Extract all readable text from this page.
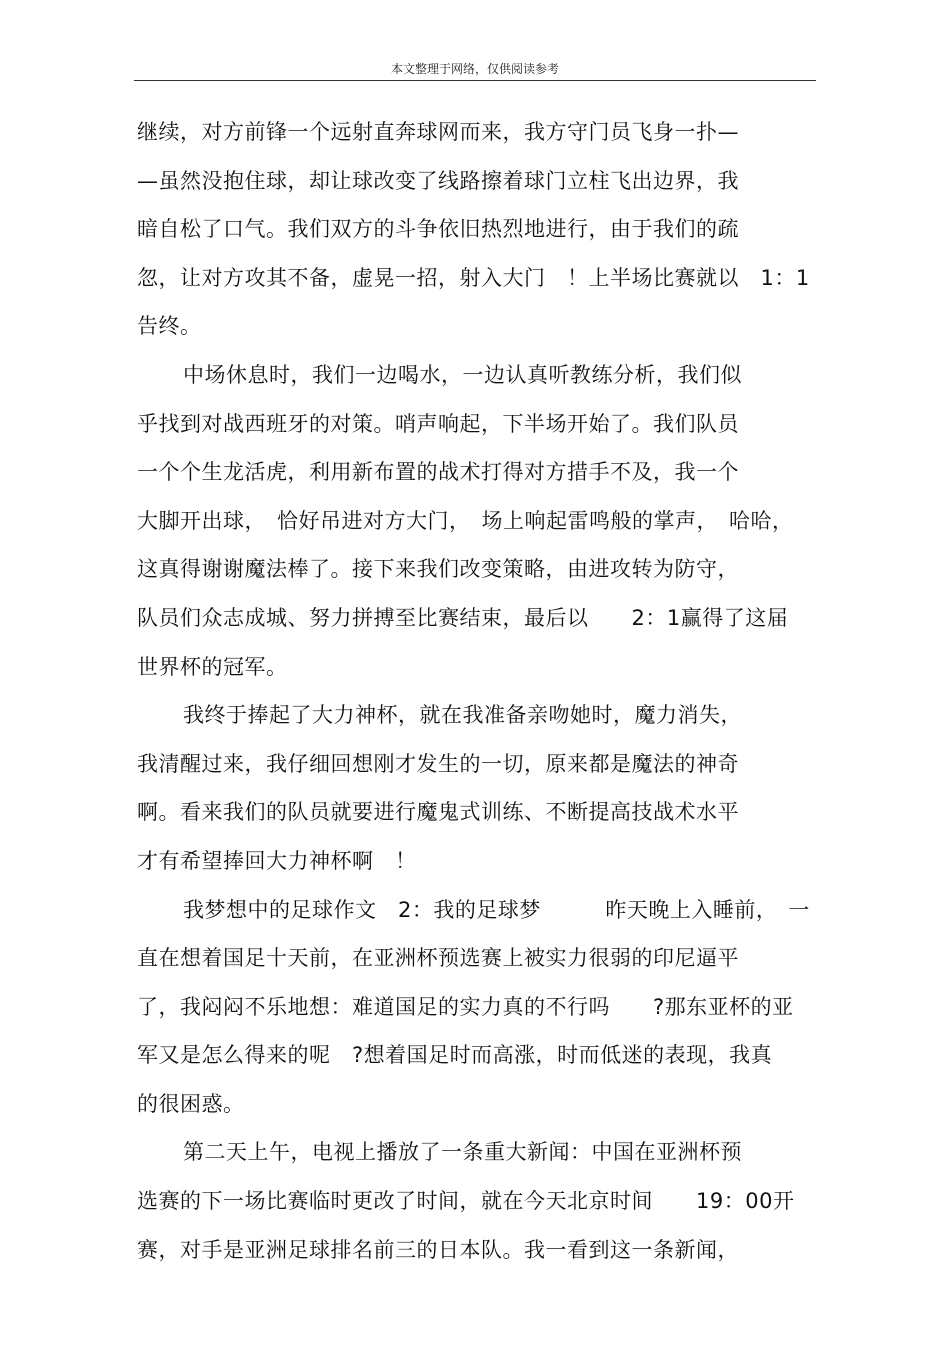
本文整理于网络，仅供阅读参考
继续，对方前锋一个远射直奔球网而来，我方守门员飞身一扑—
—虽然没抱住球，却让球改变了线路擦着球门立柱飞出边界，我
暗自松了口气。我们双方的斗争依旧热烈地进行，由于我们的疏
忽，让对方攻其不备，虚晃一招，射入大门　！上半场比赛就以　1：1
告终。
中场休息时，我们一边喝水，一边认真听教练分析，我们似
乎找到对战西班牙的对策。哨声响起，下半场开始了。我们队员
一个个生龙活虎，利用新布置的战术打得对方措手不及，我一个
大脚开出球，　恰好吊进对方大门，　场上响起雷鸣般的掌声，　哈哈，
这真得谢谢魔法棒了。接下来我们改变策略，由进攻转为防守，
队员们众志成城、努力拼搏至比赛结束，最后以　　2：1赢得了这届
世界杯的冠军。
我终于捧起了大力神杯，就在我准备亲吻她时，魔力消失，
我清醒过来，我仔细回想刚才发生的一切，原来都是魔法的神奇
啊。看来我们的队员就要进行魔鬼式训练、不断提高技战术水平
才有希望捧回大力神杯啊　！
我梦想中的足球作文　2：我的足球梦　　　昨天晚上入睡前，　一
直在想着国足十天前，在亚洲杯预选赛上被实力很弱的印尼逼平
了，我闷闷不乐地想：难道国足的实力真的不行吗　　?那东亚杯的亚
军又是怎么得来的呢　?想着国足时而高涨，时而低迷的表现，我真
的很困惑。
第二天上午，电视上播放了一条重大新闻：中国在亚洲杯预
选赛的下一场比赛临时更改了时间，就在今天北京时间　　19：00开
赛，对手是亚洲足球排名前三的日本队。我一看到这一条新闻，
